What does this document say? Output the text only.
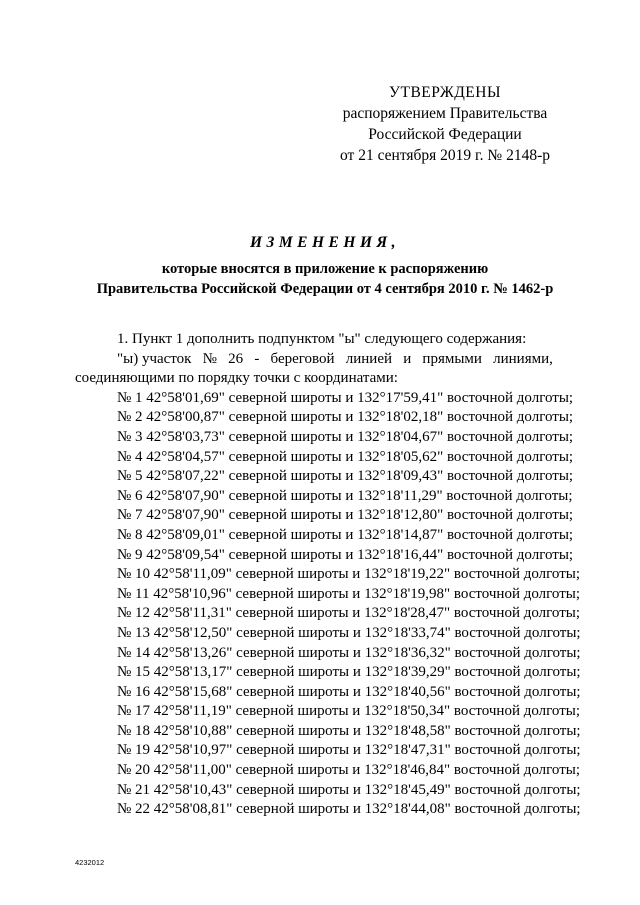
УТВЕРЖДЕНЫ
распоряжением Правительства
Российской Федерации
от 21 сентября 2019 г. № 2148-р
ИЗМЕНЕНИЯ,
которые вносятся в приложение к распоряжению
Правительства Российской Федерации от 4 сентября 2010 г. № 1462-р

1. Пункт 1 дополнить подпунктом "ы" следующего содержания:

"ы) участок № 26 - береговой линией и прямыми линиями,

соединяющими по порядку точки с координатами:

№ 1 42°58'01,69" северной широты и 132°17'59,41" восточной долготы;
№ 2 42°58'00,87" северной широты и 132°18'02,18" восточной долготы;
№ 3 42°58'03,73" северной широты и 132°18'04,67" восточной долготы;
№ 4 42°58'04,57" северной широты и 132°18'05,62" восточной долготы;
№ 5 42°58'07,22" северной широты и 132°18'09,43" восточной долготы;
№ 6 42°58'07,90" северной широты и 132°18'11,29" восточной долготы;
№ 7 42°58'07,90" северной широты и 132°18'12,80" восточной долготы;
№ 8 42°58'09,01" северной широты и 132°18'14,87" восточной долготы;
№ 9 42°58'09,54" северной широты и 132°18'16,44" восточной долготы;
№ 10 42°58'11,09" северной широты и 132°18'19,22" восточной долготы;
№ 11 42°58'10,96" северной широты и 132°18'19,98" восточной долготы;
№ 12 42°58'11,31" северной широты и 132°18'28,47" восточной долготы;
№ 13 42°58'12,50" северной широты и 132°18'33,74" восточной долготы;
№ 14 42°58'13,26" северной широты и 132°18'36,32" восточной долготы;
№ 15 42°58'13,17" северной широты и 132°18'39,29" восточной долготы;
№ 16 42°58'15,68" северной широты и 132°18'40,56" восточной долготы;
№ 17 42°58'11,19" северной широты и 132°18'50,34" восточной долготы;
№ 18 42°58'10,88" северной широты и 132°18'48,58" восточной долготы;
№ 19 42°58'10,97" северной широты и 132°18'47,31" восточной долготы;
№ 20 42°58'11,00" северной широты и 132°18'46,84" восточной долготы;
№ 21 42°58'10,43" северной широты и 132°18'45,49" восточной долготы;
№ 22 42°58'08,81" северной широты и 132°18'44,08" восточной долготы;
4232012
